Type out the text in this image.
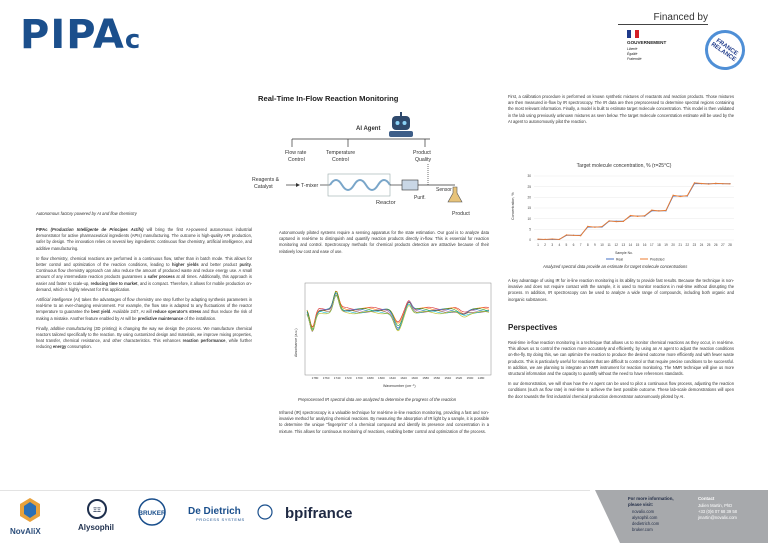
PIPAc
Financed by
GOUVERNEMENT
Liberté
Égalité
Fraternité
FRANCE RELANCE
Real-Time In-Flow Reaction Monitoring
AI Agent
Flow rate
Control
Temperature
Control
Product
Quality
Reagents &
Catalyst	T-mixer
Reactor
Purif.
Sensor
Product
Autonomous factory powered by AI and flow chemistry

PIPAc (Production Intelligente de Principes Actifs) will bring the first AI-powered autonomous industrial demonstrator for active pharmaceutical ingredients (APIs) manufacturing. The outcome is high-quality API production, safer by design. The innovation relies on several key ingredients: continuous flow chemistry, artificial intelligence, and additive manufacturing.

In flow chemistry, chemical reactions are performed in a continuous flow, rather than in batch mode. This allows for better control and optimization of the reaction conditions, leading to higher yields and better product purity. Continuous flow chemistry approach can also reduce the amount of produced waste and reduce energy use. A small amount of any intermediate reaction products guarantees a safer process at all times. Additionally, this approach is easier and faster to scale-up, reducing time to market, and is compact. Therefore, it allows for mobile production on-demand, which is highly relevant for this application.

Artificial intelligence (AI) takes the advantages of flow chemistry one step further by adapting synthesis parameters in real-time to an ever-changing environment. For example, the flow rate is adapted to any fluctuations of the reactor temperature to guarantee the best yield. Available 24/7, AI will reduce operator's stress and thus reduce the risk of making a mistake. Another feature enabled by AI will be predictive maintenance of the installation.

Finally, additive manufacturing (3D printing) is changing the way we design the process. We manufacture chemical reactors tailored specifically to the reaction. By using customized design and materials, we improve mixing properties, heat transfer, chemical resistance, and other characteristics. This enhances reaction performance, while further reducing energy consumption.

Autonomously piloted systems require a sensing apparatus for the state estimation. Our goal is to analyze data captured in real-time to distinguish and quantify reaction products directly in-flow. This is essential for reaction monitoring and control. Spectroscopy methods for chemical products detection are attractive because of their relatively low cost and ease of use.

Absorbance (a.u.)
1780 1760 1740 1720 1700 1680 1660 1640 1620 1600 1580 1560 1540 1520 1500 1480
Wavenumber (cm⁻¹)
Preprocessed IR spectral data are analyzed to determine the progress of the reaction

Infrared (IR) spectroscopy is a valuable technique for real-time in-line reaction monitoring, providing a fast and non-invasive method for analyzing chemical reactions. By measuring the absorption of IR light by a sample, it is possible to determine the unique "fingerprint" of a chemical compound and identify its presence and concentration in a mixture. This allows for continuous monitoring of reactions, enabling better control and optimization of the process.

First, a calibration procedure is performed on known synthetic mixtures of reactants and reaction products. Those mixtures are then measured in-flow by IR spectroscopy. The IR data are then preprocessed to determine spectral regions containing the most relevant information. Finally, a model is built to estimate target molecule concentration. This model is then validated in the lab using previously unknown mixtures as seen below. The target molecule concentration estimate will be used by the AI agent to autonomously pilot the reaction.

Target molecule concentration, % (τ=25°C)
Concentration, %
0
5
10
15
20
25
30
1 2 3 4 5 6 7 8 9 10 11 12 13 14 15 16 17 18 19 20 21 22 23 24 25 26 27 28
Sample No.
Real	Predicted
Analyzed spectral data provide an estimate for target molecule concentrations

A key advantage of using IR for in-line reaction monitoring is its ability to provide fast results. Because the technique is non-invasive and does not require contact with the sample, it is used to monitor reactions in real-time without disrupting the process. In addition, IR spectroscopy can be used to analyze a wide range of compounds, including both organic and inorganic substances.

Perspectives

Real-time in-flow reaction monitoring is a technique that allows us to monitor chemical reactions as they occur, in real-time. This allows us to control the reaction more accurately and efficiently, by using an AI agent to adjust the reaction conditions on-the-fly. By doing this, we can optimize the reaction to produce the desired outcome more efficiently and with fewer waste products. This is particularly useful for reactions that are difficult to control or that require precise conditions to be successful. In addition, we are planning to integrate an NMR instrument for reaction monitoring. The NMR technique will give us more structural information and the capacity to quantify without the need to have references standards.

In our demonstration, we will show how the AI agent can be used to pilot a continuous flow process, adjusting the reaction conditions (such as flow rate) in real-time to achieve the best possible outcome. These lab-scale demonstrations will open the door towards the first industrial chemical production demonstrator autonomously piloted by AI.

NovAliX
ΞΞ
Alysophil
BRUKER De Dietrich
PROCESS SYSTEMS	bpifrance
For more information,
please visit:
novalix.com
alysophil.com
dedietrich.com
bruker.com
Contact
Julien Martin, PhD
+33 (0)6 07 68 39 58
jmartin@novalix.com
